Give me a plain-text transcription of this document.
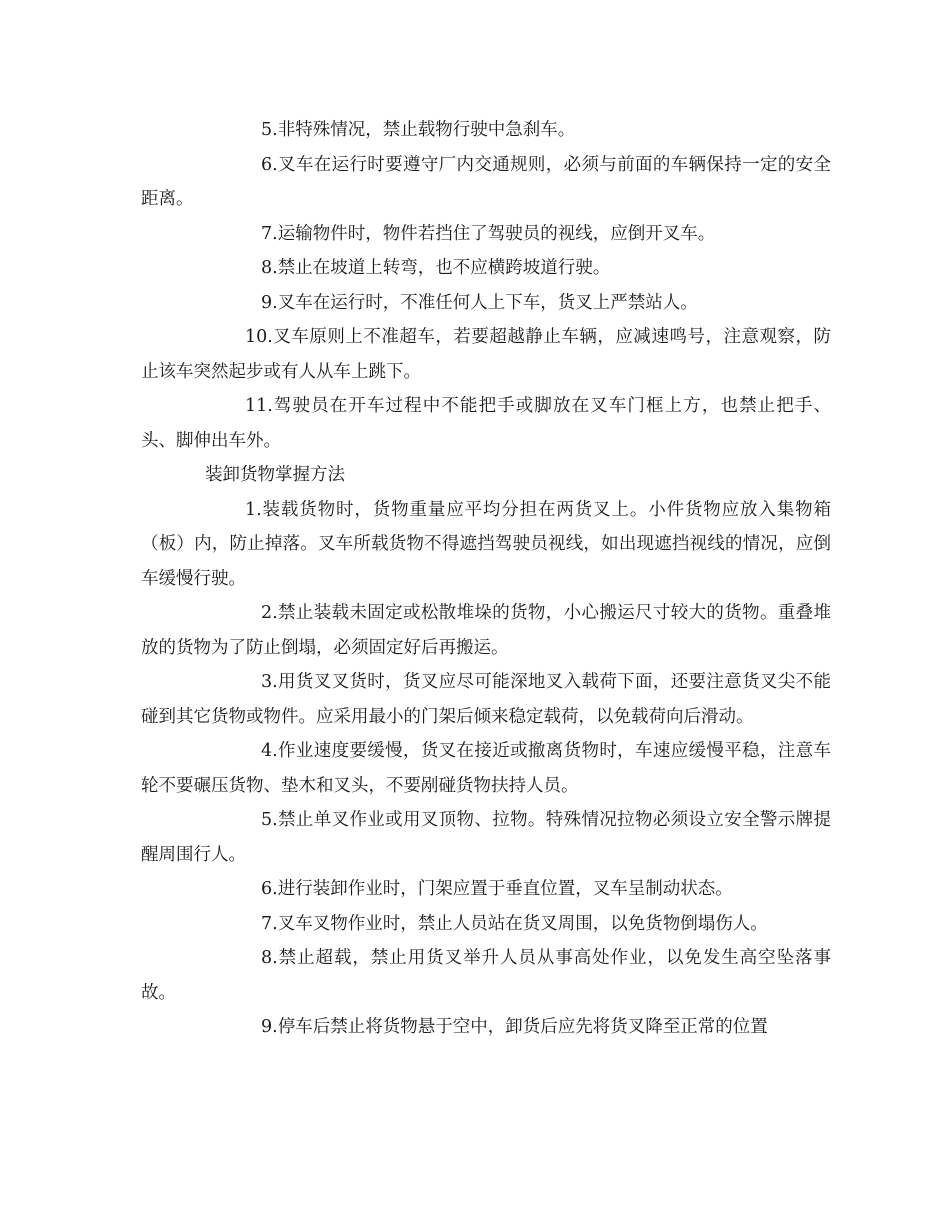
5.非特殊情况，禁止载物行驶中急刹车。

6.叉车在运行时要遵守厂内交通规则，必须与前面的车辆保持一定的安全距离。

7.运输物件时，物件若挡住了驾驶员的视线，应倒开叉车。

8.禁止在坡道上转弯，也不应横跨坡道行驶。

9.叉车在运行时，不准任何人上下车，货叉上严禁站人。

10.叉车原则上不准超车，若要超越静止车辆，应减速鸣号，注意观察，防止该车突然起步或有人从车上跳下。

11.驾驶员在开车过程中不能把手或脚放在叉车门框上方，也禁止把手、头、脚伸出车外。

装卸货物掌握方法

1.装载货物时，货物重量应平均分担在两货叉上。小件货物应放入集物箱（板）内，防止掉落。叉车所载货物不得遮挡驾驶员视线，如出现遮挡视线的情况，应倒车缓慢行驶。

2.禁止装载未固定或松散堆垛的货物，小心搬运尺寸较大的货物。重叠堆放的货物为了防止倒塌，必须固定好后再搬运。

3.用货叉叉货时，货叉应尽可能深地叉入载荷下面，还要注意货叉尖不能碰到其它货物或物件。应采用最小的门架后倾来稳定载荷，以免载荷向后滑动。

4.作业速度要缓慢，货叉在接近或撤离货物时，车速应缓慢平稳，注意车轮不要碾压货物、垫木和叉头，不要剐碰货物扶持人员。

5.禁止单叉作业或用叉顶物、拉物。特殊情况拉物必须设立安全警示牌提醒周围行人。

6.进行装卸作业时，门架应置于垂直位置，叉车呈制动状态。

7.叉车叉物作业时，禁止人员站在货叉周围，以免货物倒塌伤人。

8.禁止超载，禁止用货叉举升人员从事高处作业，以免发生高空坠落事故。

9.停车后禁止将货物悬于空中，卸货后应先将货叉降至正常的位置
